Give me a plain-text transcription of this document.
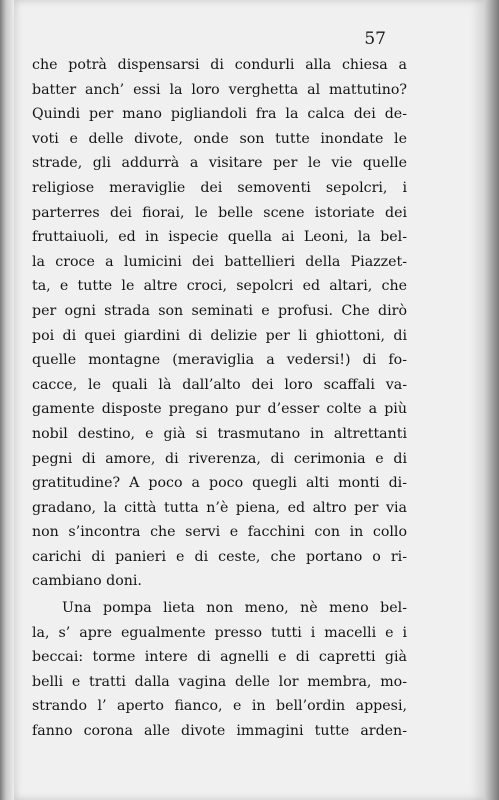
57

che potrà dispensarsi di condurli alla chiesa a
batter anch’ essi la loro verghetta al mattutino?
Quindi per mano pigliandoli fra la calca dei de-
voti e delle divote, onde son tutte inondate le
strade, gli addurrà a visitare per le vie quelle
religiose meraviglie dei semoventi sepolcri, i
parterres dei fiorai, le belle scene istoriate dei
fruttaiuoli, ed in ispecie quella ai Leoni, la bel-
la croce a lumicini dei battellieri della Piazzet-
ta, e tutte le altre croci, sepolcri ed altari, che
per ogni strada son seminati e profusi. Che dirò
poi di quei giardini di delizie per li ghiottoni, di
quelle montagne (meraviglia a vedersi!) di fo-
cacce, le quali là dall’alto dei loro scaffali va-
gamente disposte pregano pur d’esser colte a più
nobil destino, e già si trasmutano in altrettanti
pegni di amore, di riverenza, di cerimonia e di
gratitudine? A poco a poco quegli alti monti di-
gradano, la città tutta n’è piena, ed altro per via
non s’incontra che servi e facchini con in collo
carichi di panieri e di ceste, che portano o ri-
cambiano doni.
Una pompa lieta non meno, nè meno bel-
la, s’ apre egualmente presso tutti i macelli e i
beccai: torme intere di agnelli e di capretti già
belli e tratti dalla vagina delle lor membra, mo-
strando l’ aperto fianco, e in bell’ordin appesi,
fanno corona alle divote immagini tutte arden-
